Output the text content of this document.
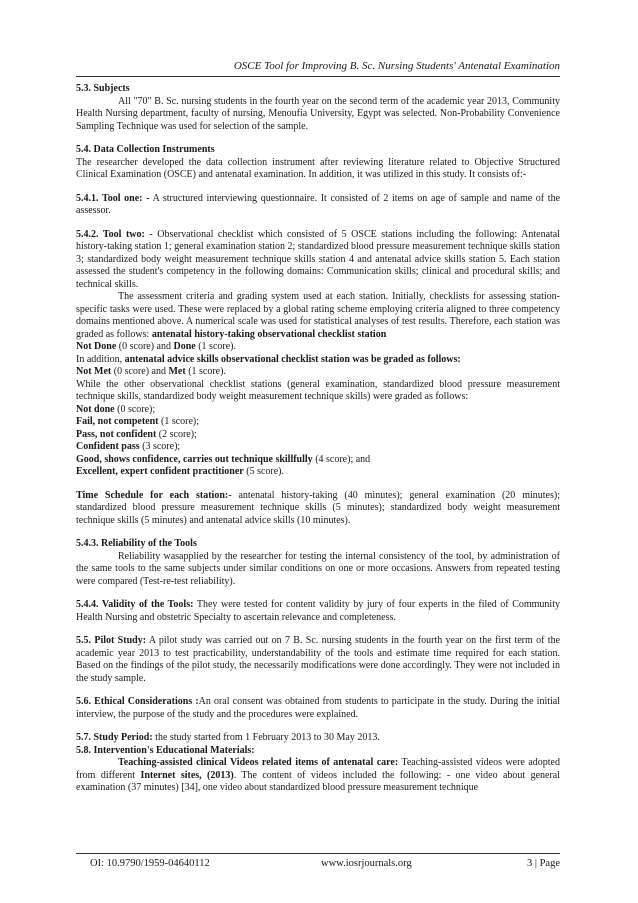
OSCE Tool for Improving B. Sc. Nursing Students' Antenatal Examination

5.3. Subjects

All "70" B. Sc. nursing students in the fourth year on the second term of the academic year 2013, Community Health Nursing department, faculty of nursing, Menoufia University, Egypt was selected. Non-Probability Convenience Sampling Technique was used for selection of the sample.

5.4. Data Collection Instruments

The researcher developed the data collection instrument after reviewing literature related to Objective Structured Clinical Examination (OSCE) and antenatal examination. In addition, it was utilized in this study. It consists of:-

5.4.1. Tool one: - A structured interviewing questionnaire. It consisted of 2 items on age of sample and name of the assessor.

5.4.2. Tool two: - Observational checklist which consisted of 5 OSCE stations including the following: Antenatal history-taking station 1; general examination station 2; standardized blood pressure measurement technique skills station 3; standardized body weight measurement technique skills station 4 and antenatal advice skills station 5. Each station assessed the student's competency in the following domains: Communication skills; clinical and procedural skills; and technical skills.

The assessment criteria and grading system used at each station. Initially, checklists for assessing station-specific tasks were used. These were replaced by a global rating scheme employing criteria aligned to three competency domains mentioned above. A numerical scale was used for statistical analyses of test results. Therefore, each station was graded as follows: antenatal history-taking observational checklist station

Not Done (0 score) and Done (1 score).

In addition, antenatal advice skills observational checklist station was be graded as follows:

Not Met (0 score) and Met (1 score).

While the other observational checklist stations (general examination, standardized blood pressure measurement technique skills, standardized body weight measurement technique skills) were graded as follows:

Not done (0 score);

Fail, not competent (1 score);

Pass, not confident (2 score);

Confident pass (3 score);

Good, shows confidence, carries out technique skillfully (4 score); and

Excellent, expert confident practitioner (5 score).

Time Schedule for each station:- antenatal history-taking (40 minutes); general examination (20 minutes); standardized blood pressure measurement technique skills (5 minutes); standardized body weight measurement technique skills (5 minutes) and antenatal advice skills (10 minutes).

5.4.3. Reliability of the Tools

Reliability wasapplied by the researcher for testing the internal consistency of the tool, by administration of the same tools to the same subjects under similar conditions on one or more occasions. Answers from repeated testing were compared (Test-re-test reliability).

5.4.4. Validity of the Tools: They were tested for content validity by jury of four experts in the filed of Community Health Nursing and obstetric Specialty to ascertain relevance and completeness.

5.5. Pilot Study: A pilot study was carried out on 7 B. Sc. nursing students in the fourth year on the first term of the academic year 2013 to test practicability, understandability of the tools and estimate time required for each station. Based on the findings of the pilot study, the necessarily modifications were done accordingly. They were not included in the study sample.

5.6. Ethical Considerations :An oral consent was obtained from students to participate in the study. During the initial interview, the purpose of the study and the procedures were explained.

5.7. Study Period: the study started from 1 February 2013 to 30 May 2013.

5.8. Intervention's Educational Materials:

Teaching-assisted clinical Videos related items of antenatal care: Teaching-assisted videos were adopted from different Internet sites, (2013). The content of videos included the following: - one video about general examination (37 minutes) [34], one video about standardized blood pressure measurement technique

OI: 10.9790/1959-04640112	www.iosrjournals.org	3 | Page
